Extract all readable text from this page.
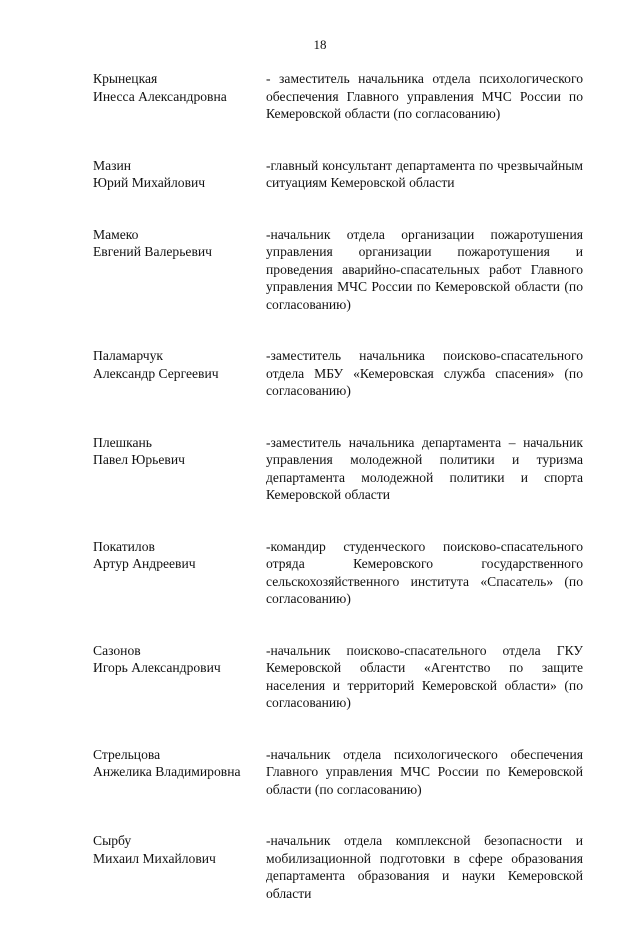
18
Крынецкая
Инесса Александровна
- заместитель начальника отдела психологического обеспечения Главного управления МЧС России по Кемеровской области (по согласованию)
Мазин
Юрий Михайлович
-главный консультант департамента по чрезвычайным ситуациям Кемеровской области
Мамеко
Евгений Валерьевич
-начальник отдела организации пожаротушения управления организации пожаротушения и проведения аварийно-спасательных работ Главного управления МЧС России по Кемеровской области (по согласованию)
Паламарчук
Александр Сергеевич
-заместитель начальника поисково-спасательного отдела МБУ «Кемеровская служба спасения» (по согласованию)
Плешкань
Павел Юрьевич
-заместитель начальника департамента – начальник управления молодежной политики и туризма департамента молодежной политики и спорта Кемеровской области
Покатилов
Артур Андреевич
-командир студенческого поисково-спасательного отряда Кемеровского государственного сельскохозяйственного института «Спасатель» (по согласованию)
Сазонов
Игорь Александрович
-начальник поисково-спасательного отдела ГКУ Кемеровской области «Агентство по защите населения и территорий Кемеровской области» (по согласованию)
Стрельцова
Анжелика Владимировна
-начальник отдела психологического обеспечения Главного управления МЧС России по Кемеровской области (по согласованию)
Сырбу
Михаил Михайлович
-начальник отдела комплексной безопасности и мобилизационной подготовки в сфере образования департамента образования и науки Кемеровской области
